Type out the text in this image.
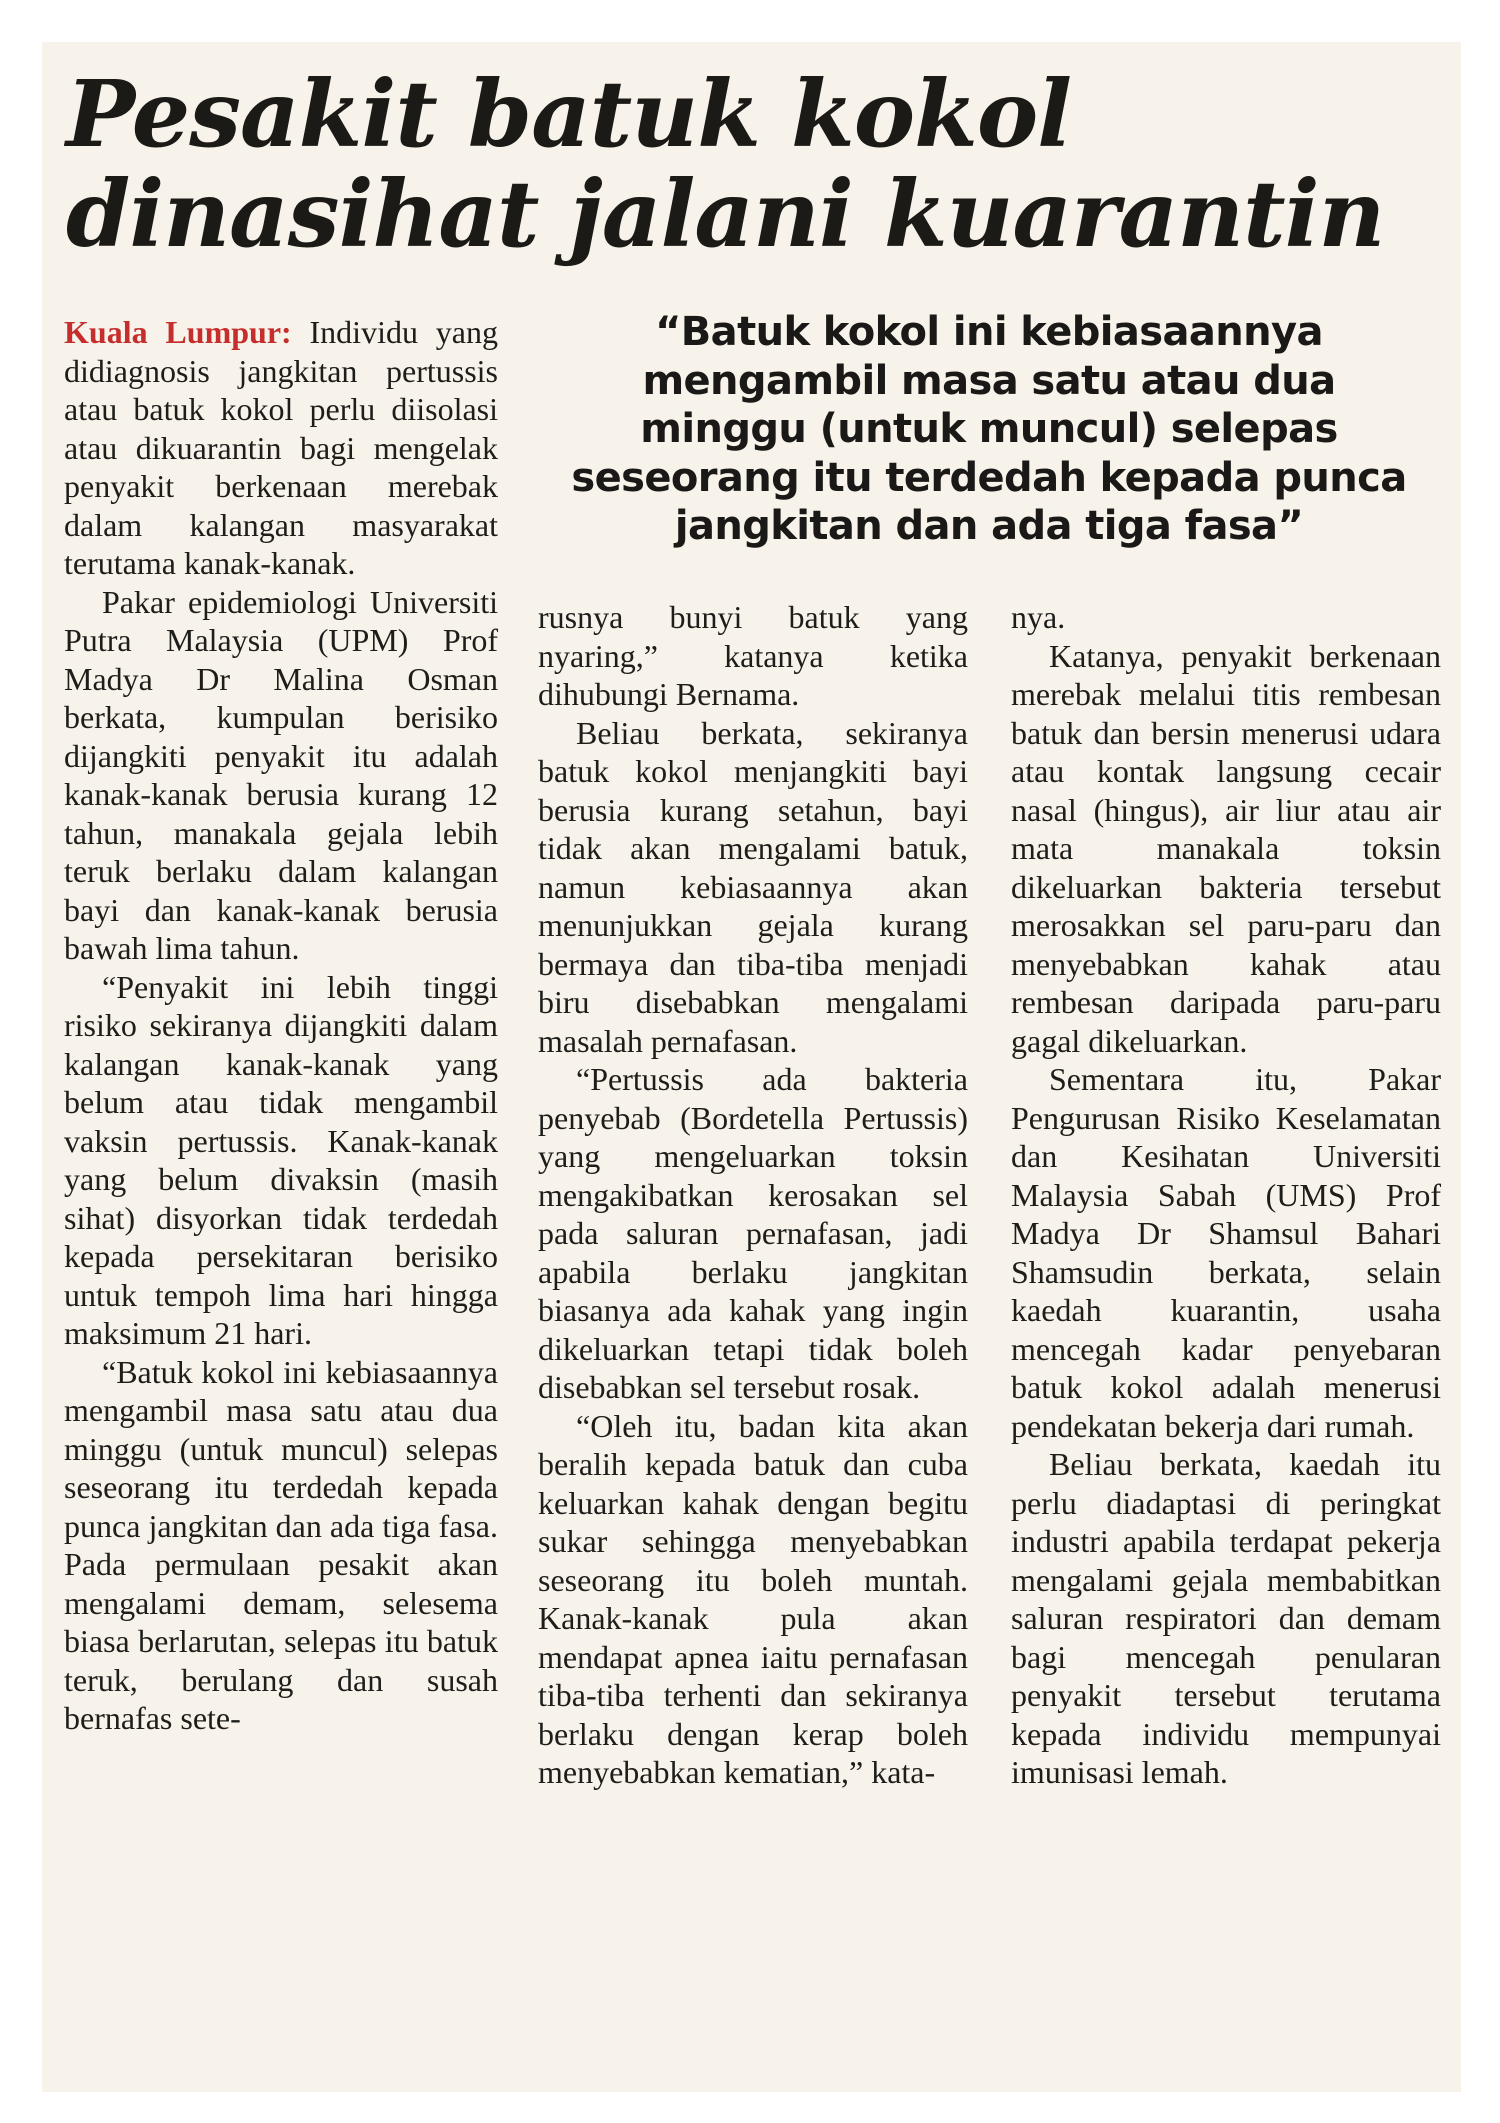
Pesakit batuk kokol dinasihat jalani kuarantin
“Batuk kokol ini kebiasaannya mengambil masa satu atau dua minggu (untuk muncul) selepas seseorang itu terdedah kepada punca jangkitan dan ada tiga fasa”

Kuala Lumpur: Individu yang didiagnosis jangkitan pertussis atau batuk kokol perlu diisolasi atau dikuarantin bagi mengelak penyakit berkenaan merebak dalam kalangan masyarakat terutama kanak-kanak.

Pakar epidemiologi Universiti Putra Malaysia (UPM) Prof Madya Dr Malina Osman berkata, kumpulan berisiko dijangkiti penyakit itu adalah kanak-kanak berusia kurang 12 tahun, manakala gejala lebih teruk berlaku dalam kalangan bayi dan kanak-kanak berusia bawah lima tahun.

“Penyakit ini lebih tinggi risiko sekiranya dijangkiti dalam kalangan kanak-kanak yang belum atau tidak mengambil vaksin pertussis. Kanak-kanak yang belum divaksin (masih sihat) disyorkan tidak terdedah kepada persekitaran berisiko untuk tempoh lima hari hingga maksimum 21 hari.

“Batuk kokol ini kebiasaannya mengambil masa satu atau dua minggu (untuk muncul) selepas seseorang itu terdedah kepada punca jangkitan dan ada tiga fasa. Pada permulaan pesakit akan mengalami demam, selesema biasa berlarutan, selepas itu batuk teruk, berulang dan susah bernafas sete-

rusnya bunyi batuk yang nyaring,” katanya ketika dihubungi Bernama.

Beliau berkata, sekiranya batuk kokol menjangkiti bayi berusia kurang setahun, bayi tidak akan mengalami batuk, namun kebiasaannya akan menunjukkan gejala kurang bermaya dan tiba-tiba menjadi biru disebabkan mengalami masalah pernafasan.

“Pertussis ada bakteria penyebab (Bordetella Pertussis) yang mengeluarkan toksin mengakibatkan kerosakan sel pada saluran pernafasan, jadi apabila berlaku jangkitan biasanya ada kahak yang ingin dikeluarkan tetapi tidak boleh disebabkan sel tersebut rosak.

“Oleh itu, badan kita akan beralih kepada batuk dan cuba keluarkan kahak dengan begitu sukar sehingga menyebabkan seseorang itu boleh muntah. Kanak-kanak pula akan mendapat apnea iaitu pernafasan tiba-tiba terhenti dan sekiranya berlaku dengan kerap boleh menyebabkan kematian,” kata-

nya.

Katanya, penyakit berkenaan merebak melalui titis rembesan batuk dan bersin menerusi udara atau kontak langsung cecair nasal (hingus), air liur atau air mata manakala toksin dikeluarkan bakteria tersebut merosakkan sel paru-paru dan menyebabkan kahak atau rembesan daripada paru-paru gagal dikeluarkan.

Sementara itu, Pakar Pengurusan Risiko Keselamatan dan Kesihatan Universiti Malaysia Sabah (UMS) Prof Madya Dr Shamsul Bahari Shamsudin berkata, selain kaedah kuarantin, usaha mencegah kadar penyebaran batuk kokol adalah menerusi pendekatan bekerja dari rumah.

Beliau berkata, kaedah itu perlu diadaptasi di peringkat industri apabila terdapat pekerja mengalami gejala membabitkan saluran respiratori dan demam bagi mencegah penularan penyakit tersebut terutama kepada individu mempunyai imunisasi lemah.
